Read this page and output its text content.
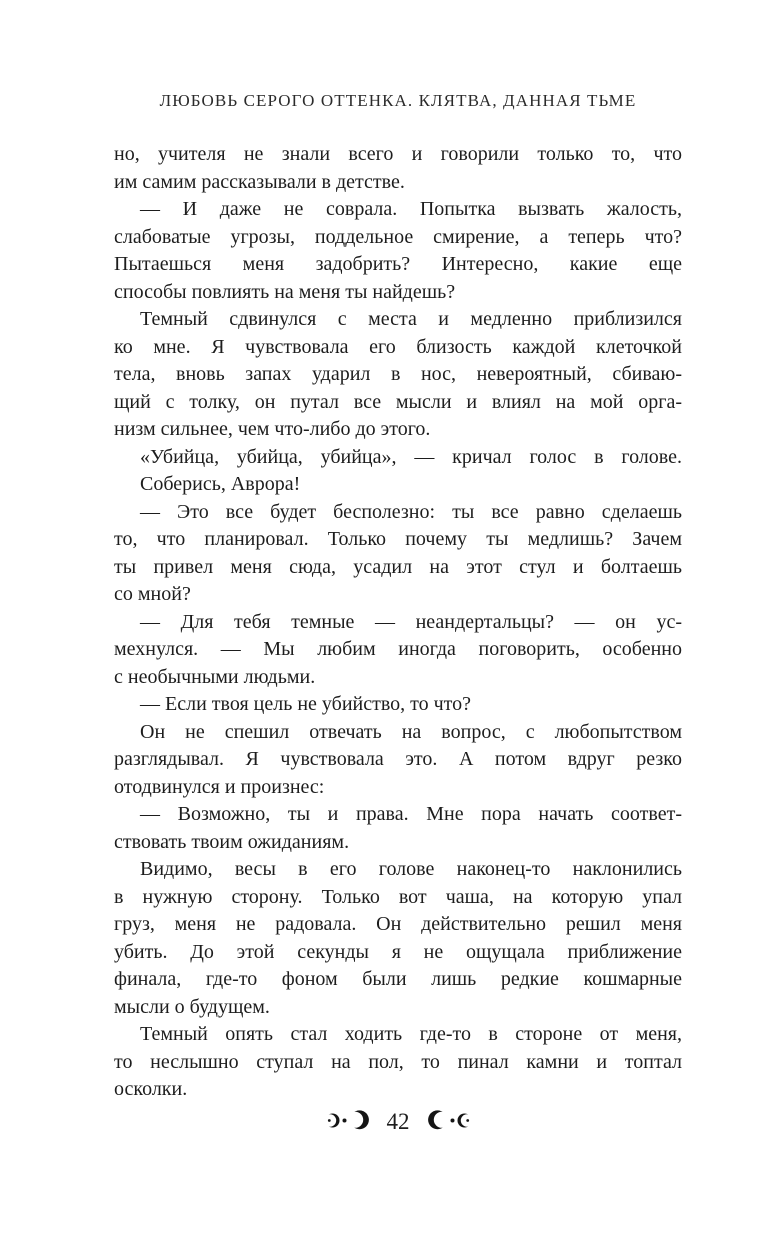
ЛЮБОВЬ СЕРОГО ОТТЕНКА. КЛЯТВА, ДАННАЯ ТЬМЕ
но, учителя не знали всего и говорили только то, что
им самим рассказывали в детстве.
— И даже не соврала. Попытка вызвать жалость,
слабоватые угрозы, поддельное смирение, а теперь что?
Пытаешься меня задобрить? Интересно, какие еще
способы повлиять на меня ты найдешь?
Темный сдвинулся с места и медленно приблизился
ко мне. Я чувствовала его близость каждой клеточкой
тела, вновь запах ударил в нос, невероятный, сбиваю-
щий с толку, он путал все мысли и влиял на мой орга-
низм сильнее, чем что-либо до этого.
«Убийца, убийца, убийца», — кричал голос в голове.
Соберись, Аврора!
— Это все будет бесполезно: ты все равно сделаешь
то, что планировал. Только почему ты медлишь? Зачем
ты привел меня сюда, усадил на этот стул и болтаешь
со мной?
— Для тебя темные — неандертальцы? — он ус-
мехнулся. — Мы любим иногда поговорить, особенно
с необычными людьми.
— Если твоя цель не убийство, то что?
Он не спешил отвечать на вопрос, с любопытством
разглядывал. Я чувствовала это. А потом вдруг резко
отодвинулся и произнес:
— Возможно, ты и права. Мне пора начать соответ-
ствовать твоим ожиданиям.
Видимо, весы в его голове наконец-то наклонились
в нужную сторону. Только вот чаша, на которую упал
груз, меня не радовала. Он действительно решил меня
убить. До этой секунды я не ощущала приближение
финала, где-то фоном были лишь редкие кошмарные
мысли о будущем.
Темный опять стал ходить где-то в стороне от меня,
то неслышно ступал на пол, то пинал камни и топтал
осколки.
42
